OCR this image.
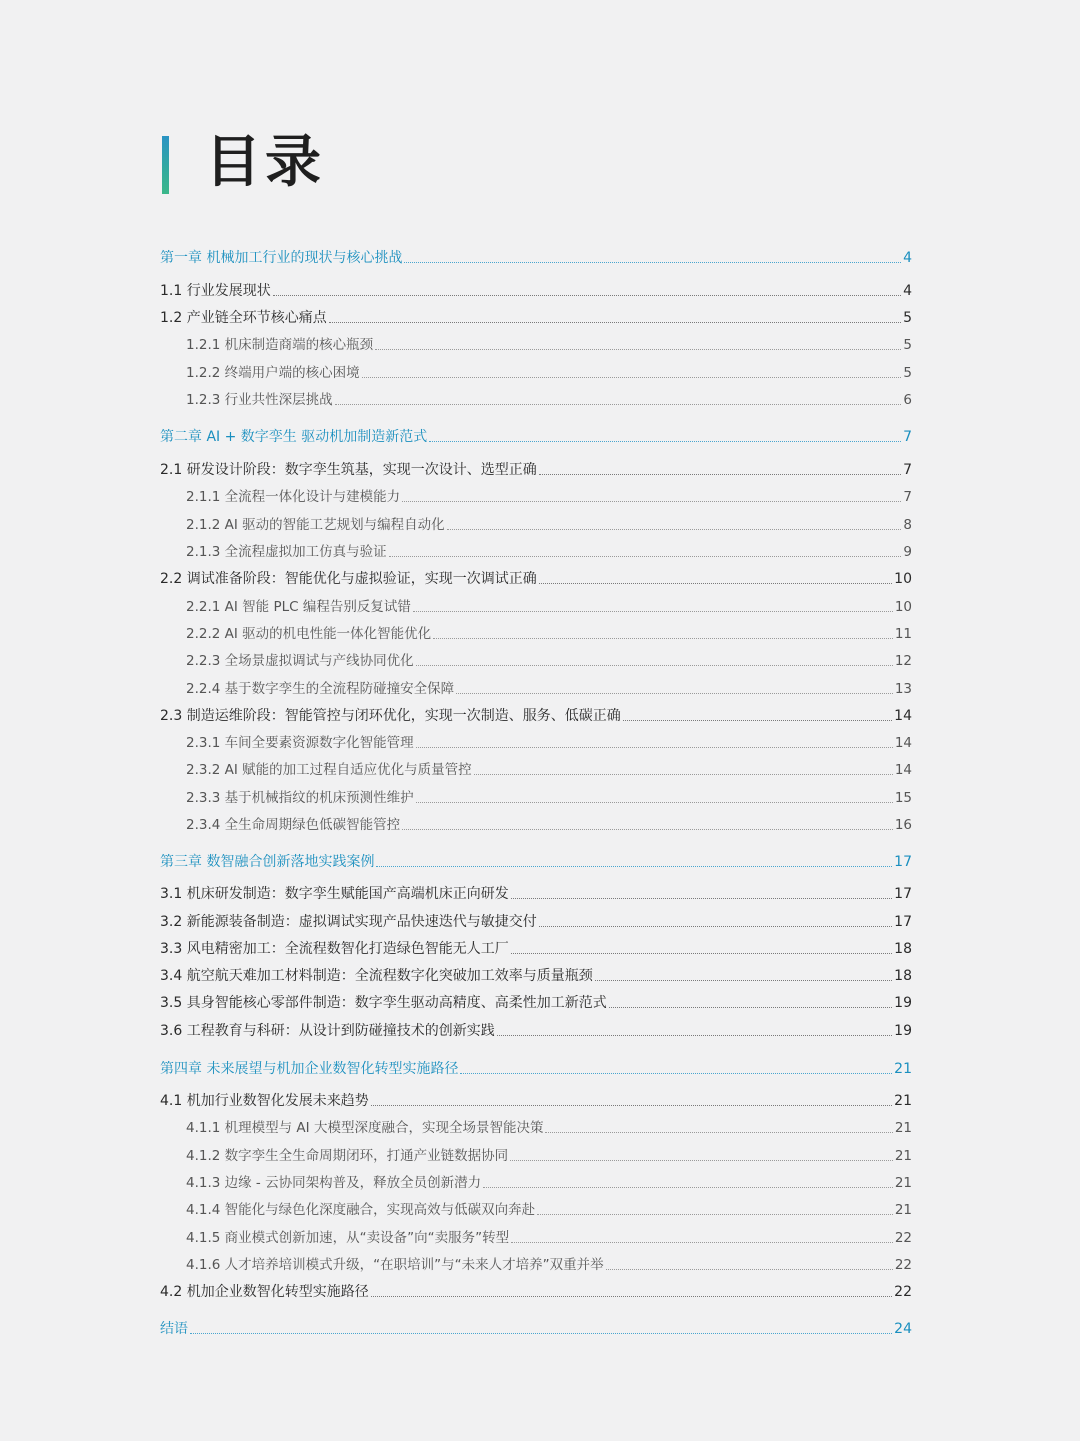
目录
第一章 机械加工行业的现状与核心挑战	4
1.1 行业发展现状	4
1.2 产业链全环节核心痛点	5
1.2.1 机床制造商端的核心瓶颈	5
1.2.2 终端用户端的核心困境	5
1.2.3 行业共性深层挑战	6
第二章 AI + 数字孪生 驱动机加制造新范式	7
2.1 研发设计阶段：数字孪生筑基，实现一次设计、选型正确	7
2.1.1 全流程一体化设计与建模能力	7
2.1.2 AI 驱动的智能工艺规划与编程自动化	8
2.1.3 全流程虚拟加工仿真与验证	9
2.2 调试准备阶段：智能优化与虚拟验证，实现一次调试正确	10
2.2.1 AI 智能 PLC 编程告别反复试错	10
2.2.2 AI 驱动的机电性能一体化智能优化	11
2.2.3 全场景虚拟调试与产线协同优化	12
2.2.4 基于数字孪生的全流程防碰撞安全保障	13
2.3 制造运维阶段：智能管控与闭环优化，实现一次制造、服务、低碳正确	14
2.3.1 车间全要素资源数字化智能管理	14
2.3.2 AI 赋能的加工过程自适应优化与质量管控	14
2.3.3 基于机械指纹的机床预测性维护	15
2.3.4 全生命周期绿色低碳智能管控	16
第三章 数智融合创新落地实践案例	17
3.1 机床研发制造：数字孪生赋能国产高端机床正向研发	17
3.2 新能源装备制造：虚拟调试实现产品快速迭代与敏捷交付	17
3.3 风电精密加工：全流程数智化打造绿色智能无人工厂	18
3.4 航空航天难加工材料制造：全流程数字化突破加工效率与质量瓶颈	18
3.5 具身智能核心零部件制造：数字孪生驱动高精度、高柔性加工新范式	19
3.6 工程教育与科研：从设计到防碰撞技术的创新实践	19
第四章 未来展望与机加企业数智化转型实施路径	21
4.1 机加行业数智化发展未来趋势	21
4.1.1 机理模型与 AI 大模型深度融合，实现全场景智能决策	21
4.1.2 数字孪生全生命周期闭环，打通产业链数据协同	21
4.1.3 边缘 - 云协同架构普及，释放全员创新潜力	21
4.1.4 智能化与绿色化深度融合，实现高效与低碳双向奔赴	21
4.1.5 商业模式创新加速，从“卖设备”向“卖服务”转型	22
4.1.6 人才培养培训模式升级，“在职培训”与“未来人才培养”双重并举	22
4.2 机加企业数智化转型实施路径	22
结语	24
